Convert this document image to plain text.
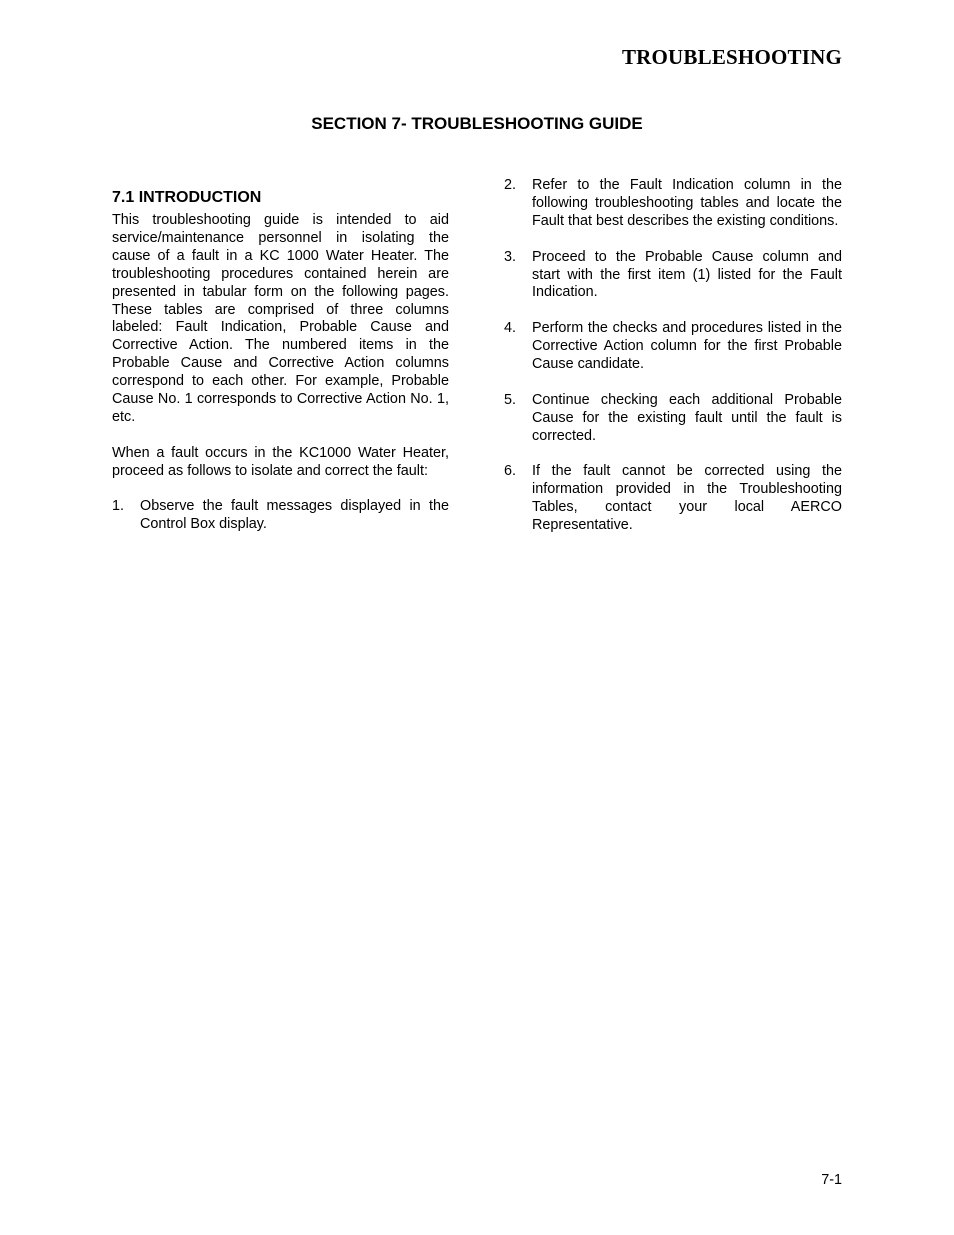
TROUBLESHOOTING
SECTION 7- TROUBLESHOOTING GUIDE
7.1 INTRODUCTION

This troubleshooting guide is intended to aid service/maintenance personnel in isolating the cause of a fault in a KC 1000 Water Heater. The troubleshooting procedures contained herein are presented in tabular form on the following pages. These tables are comprised of three columns labeled: Fault Indication, Probable Cause and Corrective Action. The numbered items in the Probable Cause and Corrective Action columns correspond to each other. For example, Probable Cause No. 1 corresponds to Corrective Action No. 1, etc.

When a fault occurs in the KC1000 Water Heater, proceed as follows to isolate and correct the fault:

1.	Observe the fault messages displayed in the Control Box display.
2.	Refer to the Fault Indication column in the following troubleshooting tables and locate the Fault that best describes the existing conditions.
3.	Proceed to the Probable Cause column and start with the first item (1) listed for the Fault Indication.
4.	Perform the checks and procedures listed in the Corrective Action column for the first Probable Cause candidate.
5.	Continue checking each additional Probable Cause for the existing fault until the fault is corrected.
6.	If the fault cannot be corrected using the information provided in the Troubleshooting Tables, contact your local AERCO Representative.
7-1
